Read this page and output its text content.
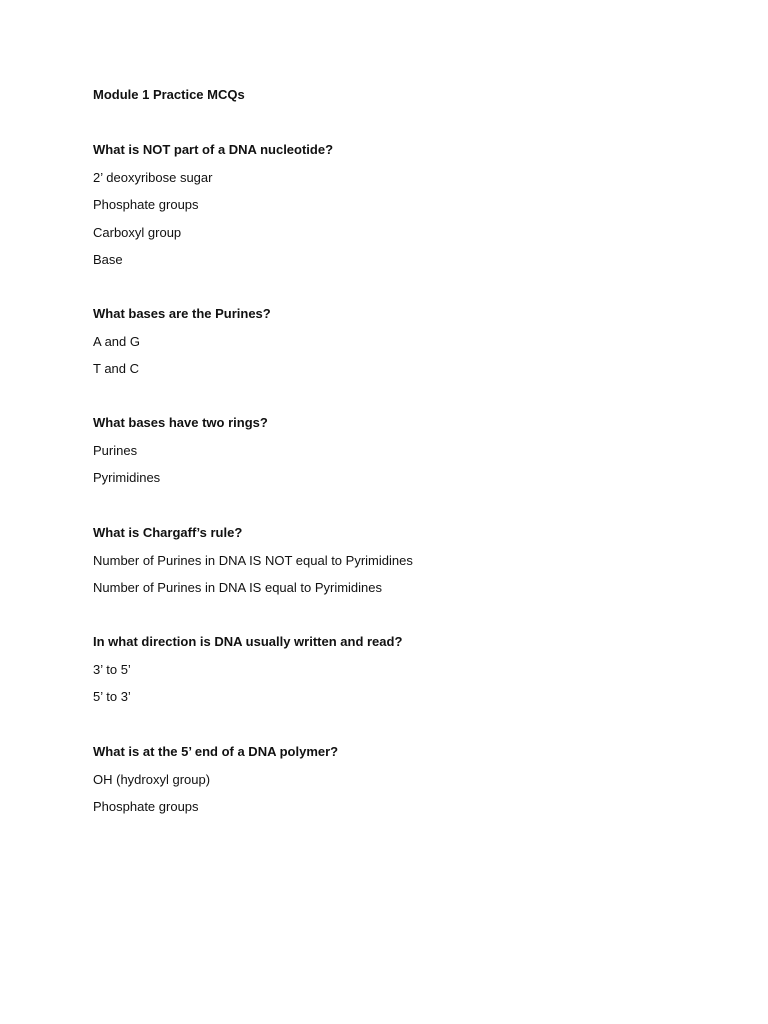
Module 1 Practice MCQs
What is NOT part of a DNA nucleotide?
2’ deoxyribose sugar
Phosphate groups
Carboxyl group
Base
What bases are the Purines?
A and G
T and C
What bases have two rings?
Purines
Pyrimidines
What is Chargaff’s rule?
Number of Purines in DNA IS NOT equal to Pyrimidines
Number of Purines in DNA IS equal to Pyrimidines
In what direction is DNA usually written and read?
3’ to 5’
5’ to 3’
What is at the 5’ end of a DNA polymer?
OH (hydroxyl group)
Phosphate groups
